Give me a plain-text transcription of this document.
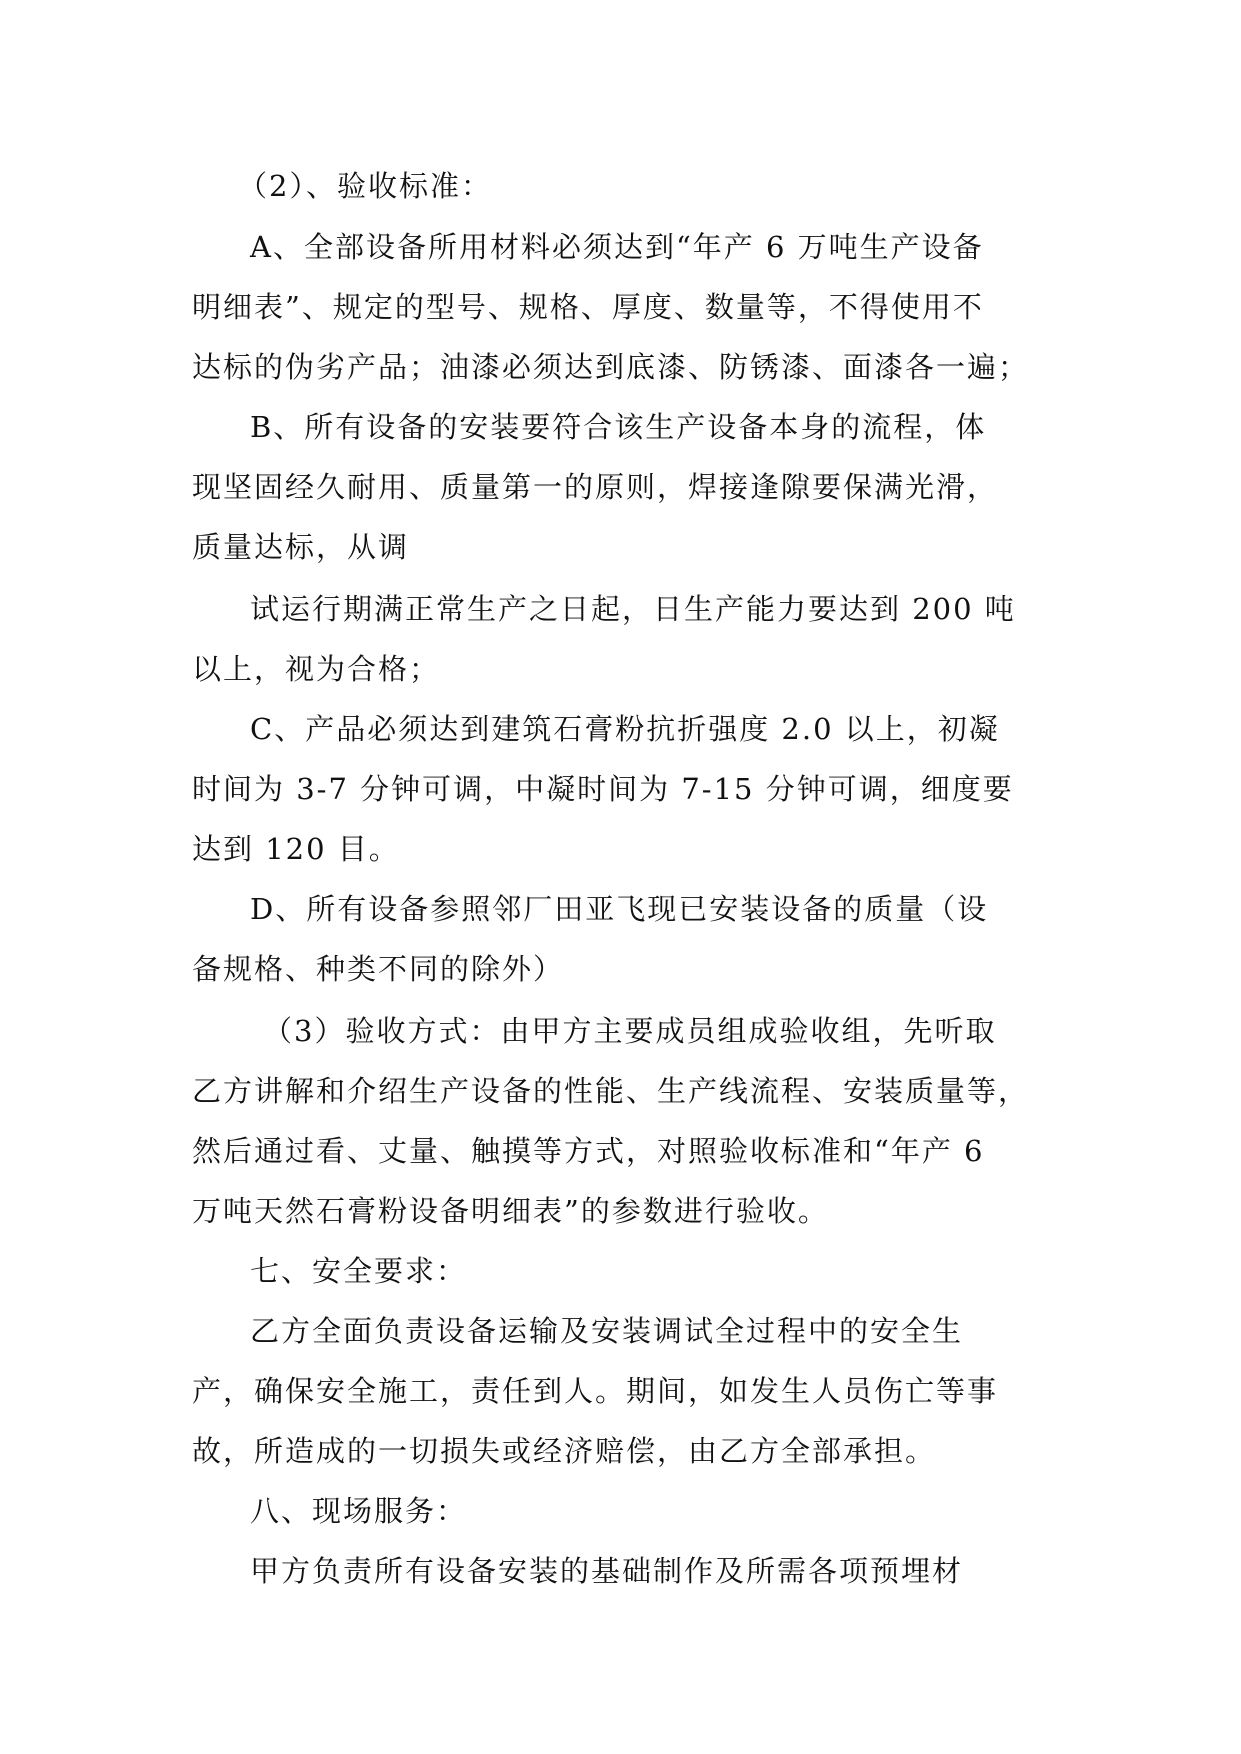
（2）、验收标准：
A、全部设备所用材料必须达到“年产 6 万吨生产设备
明细表”、规定的型号、规格、厚度、数量等，不得使用不
达标的伪劣产品；油漆必须达到底漆、防锈漆、面漆各一遍；
B、所有设备的安装要符合该生产设备本身的流程，体
现坚固经久耐用、质量第一的原则，焊接逢隙要保满光滑，
质量达标，从调
试运行期满正常生产之日起，日生产能力要达到 200 吨
以上，视为合格；
C、产品必须达到建筑石膏粉抗折强度 2.0 以上，初凝
时间为 3-7 分钟可调，中凝时间为 7-15 分钟可调，细度要
达到 120 目。
D、所有设备参照邻厂田亚飞现已安装设备的质量（设
备规格、种类不同的除外）
（3）验收方式：由甲方主要成员组成验收组，先听取
乙方讲解和介绍生产设备的性能、生产线流程、安装质量等，
然后通过看、丈量、触摸等方式，对照验收标准和“年产 6
万吨天然石膏粉设备明细表”的参数进行验收。
七、安全要求：
乙方全面负责设备运输及安装调试全过程中的安全生
产，确保安全施工，责任到人。期间，如发生人员伤亡等事
故，所造成的一切损失或经济赔偿，由乙方全部承担。
八、现场服务：
甲方负责所有设备安装的基础制作及所需各项预埋材
